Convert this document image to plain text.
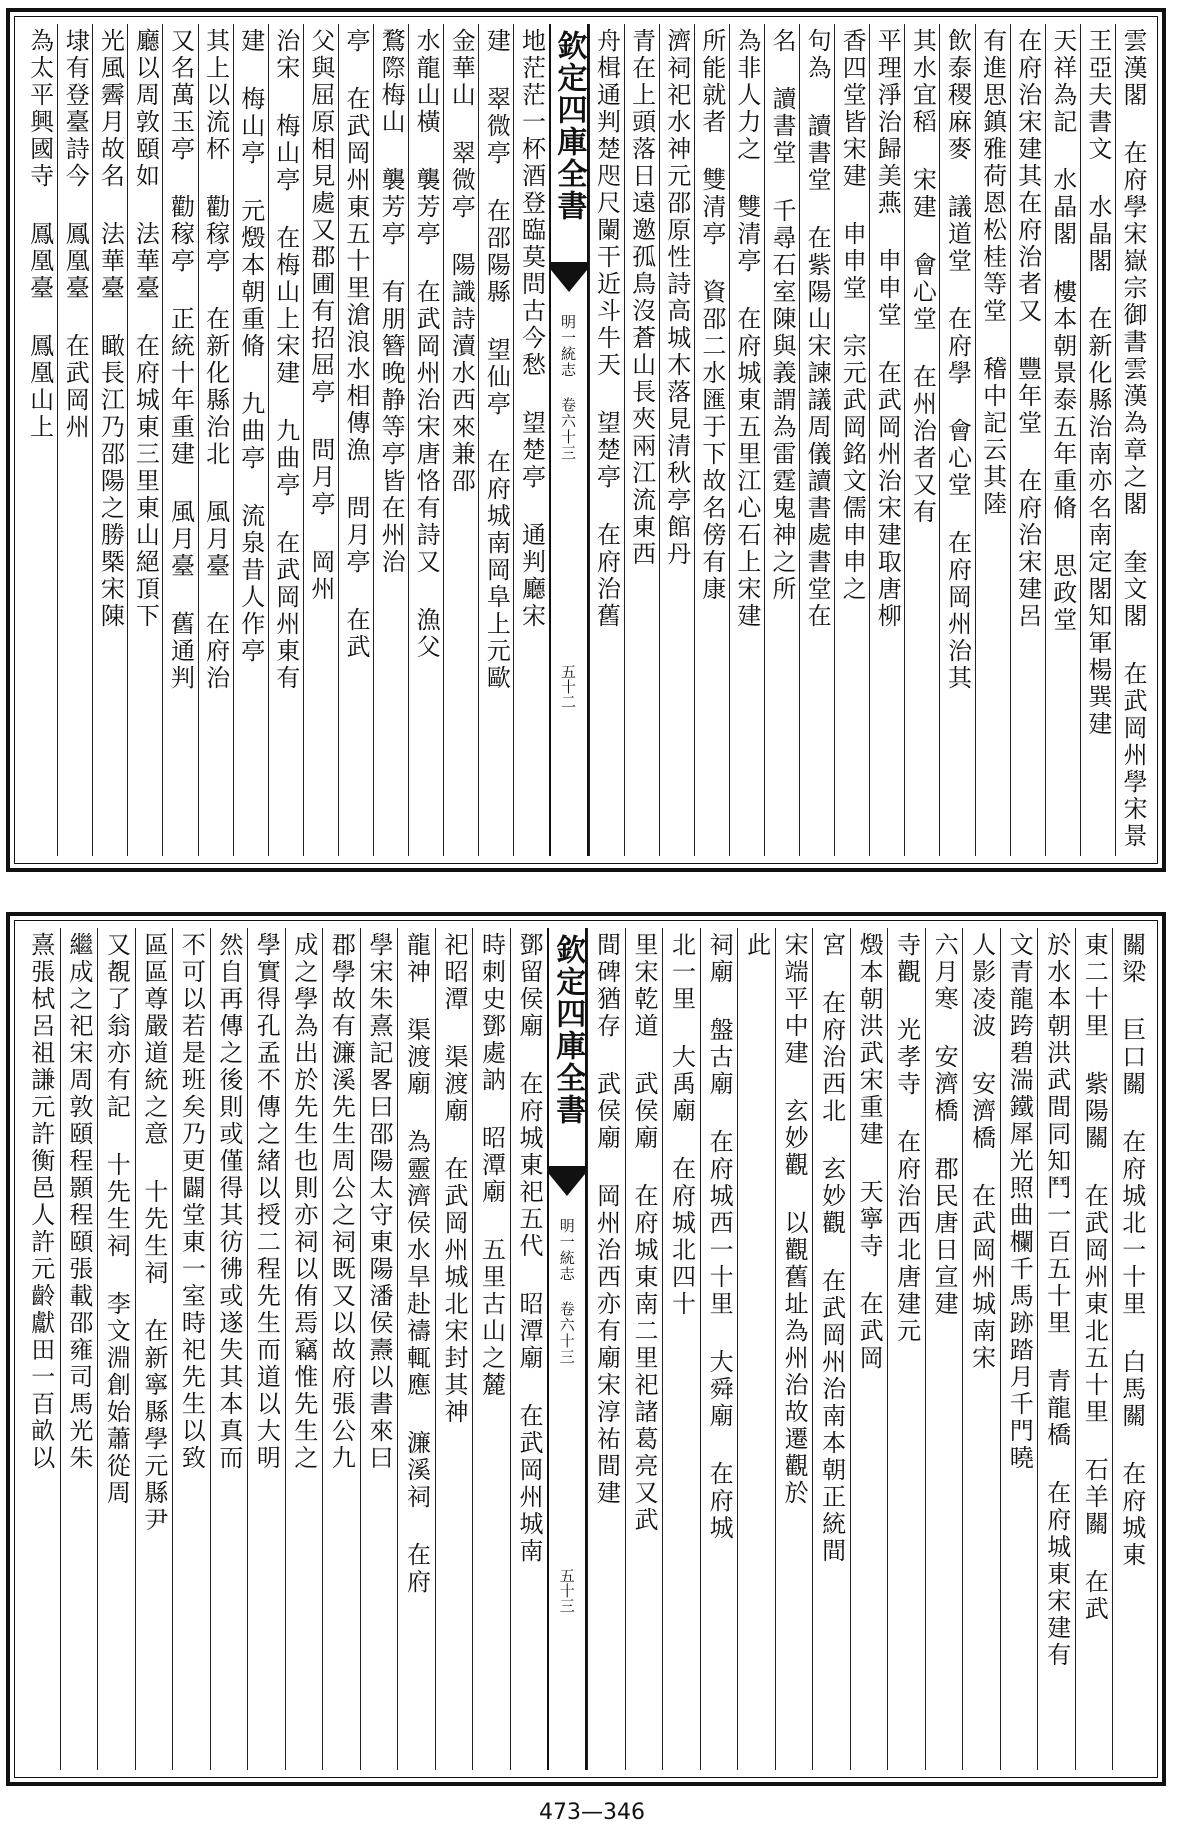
雲漢閣 在府學宋嶽宗御書雲漢為章之閣 奎文閣 在武岡州學宋景
王亞夫書文 水晶閣 在新化縣治南亦名南定閣知軍楊巽建
天祥為記 水晶閣 樓本朝景泰五年重脩 思政堂
在府治宋建其在府治者又 豐年堂 在府治宋建呂
有進思鎮雅荷恩松桂等堂 稽中記云其陸
飲泰稷麻麥 議道堂 在府學 會心堂 在府岡州治其
其水宜稻 宋建 會心堂 在州治者又有
平理淨治歸美燕 申申堂 在武岡州治宋建取唐柳
香四堂皆宋建 申申堂 宗元武岡銘文儒申申之
句為 讀書堂 在紫陽山宋諫議周儀讀書處書堂在
名 讀書堂 千尋石室陳與義謂為雷霆鬼神之所
為非人力之 雙清亭 在府城東五里江心石上宋建
所能就者 雙清亭 資邵二水匯于下故名傍有康
濟祠祀水神元邵原性詩高城木落見清秋亭館丹
青在上頭落日遠邀孤鳥沒蒼山長夾兩江流東西
舟楫通判楚咫尺闌干近斗牛天 望楚亭 在府治舊
欽定四庫全書
明一統志 卷六十三
五十二
地茫茫一杯酒登臨莫問古今愁 望楚亭 通判廳宋
建 翠微亭 在邵陽縣 望仙亭 在府城南岡阜上元歐
金華山 翠微亭 陽識詩瀆水西來兼邵
水龍山橫 襲芳亭 在武岡州治宋唐恪有詩又 漁父
鶩際梅山 襲芳亭 有朋簪晚静等亭皆在州治
亭 在武岡州東五十里滄浪水相傳漁 問月亭 在武
父與屈原相見處又郡圃有招屈亭 問月亭 岡州
治宋 梅山亭 在梅山上宋建 九曲亭 在武岡州東有
建 梅山亭 元燬本朝重脩 九曲亭 流泉昔人作亭
其上以流杯 勸稼亭 在新化縣治北 風月臺 在府治
又名萬玉亭 勸稼亭 正統十年重建 風月臺 舊通判
廳以周敦頤如 法華臺 在府城東三里東山絕頂下
光風霽月故名 法華臺 瞰長江乃邵陽之勝槩宋陳
埭有登臺詩今 鳳凰臺 在武岡州
為太平興國寺 鳳凰臺 鳳凰山上
關梁 巨口關 在府城北一十里 白馬關 在府城東
東二十里 紫陽關 在武岡州東北五十里 石羊關 在武
於水本朝洪武間同知鬥一百五十里 青龍橋 在府城東宋建有
文青龍跨碧湍鐵犀光照曲欄千馬跡踏月千門曉
人影凌波 安濟橋 在武岡州城南宋
六月寒 安濟橋 郡民唐日宣建
寺觀 光孝寺 在府治西北唐建元
燬本朝洪武宋重建 天寧寺 在武岡
宮 在府治西北 玄妙觀 在武岡州治南本朝正統間
宋端平中建 玄妙觀 以觀舊址為州治故遷觀於
此
祠廟 盤古廟 在府城西一十里 大舜廟 在府城
北一里 大禹廟 在府城北四十
里宋乾道 武侯廟 在府城東南二里祀諸葛亮又武
間碑猶存 武侯廟 岡州治西亦有廟宋淳祐間建
欽定四庫全書
明一統志 卷六十三
五十三
鄧留侯廟 在府城東祀五代 昭潭廟 在武岡州城南
時刺史鄧處訥 昭潭廟 五里古山之麓
祀昭潭 渠渡廟 在武岡州城北宋封其神
龍神 渠渡廟 為靈濟侯水旱赴禱輒應 濂溪祠 在府
學宋朱熹記畧曰邵陽太守東陽潘侯燾以書來曰
郡學故有濂溪先生周公之祠既又以故府張公九
成之學為出於先生也則亦祠以侑焉竊惟先生之
學實得孔孟不傳之緒以授二程先生而道以大明
然自再傳之後則或僅得其彷彿或遂失其本真而
不可以若是班矣乃更闢堂東一室時祀先生以致
區區尊嚴道統之意 十先生祠 在新寧縣學元縣尹
又覩了翁亦有記 十先生祠 李文淵創始蕭從周
繼成之祀宋周敦頤程顥程頤張載邵雍司馬光朱
熹張栻呂祖謙元許衡邑人許元齡獻田一百畝以
473—346
